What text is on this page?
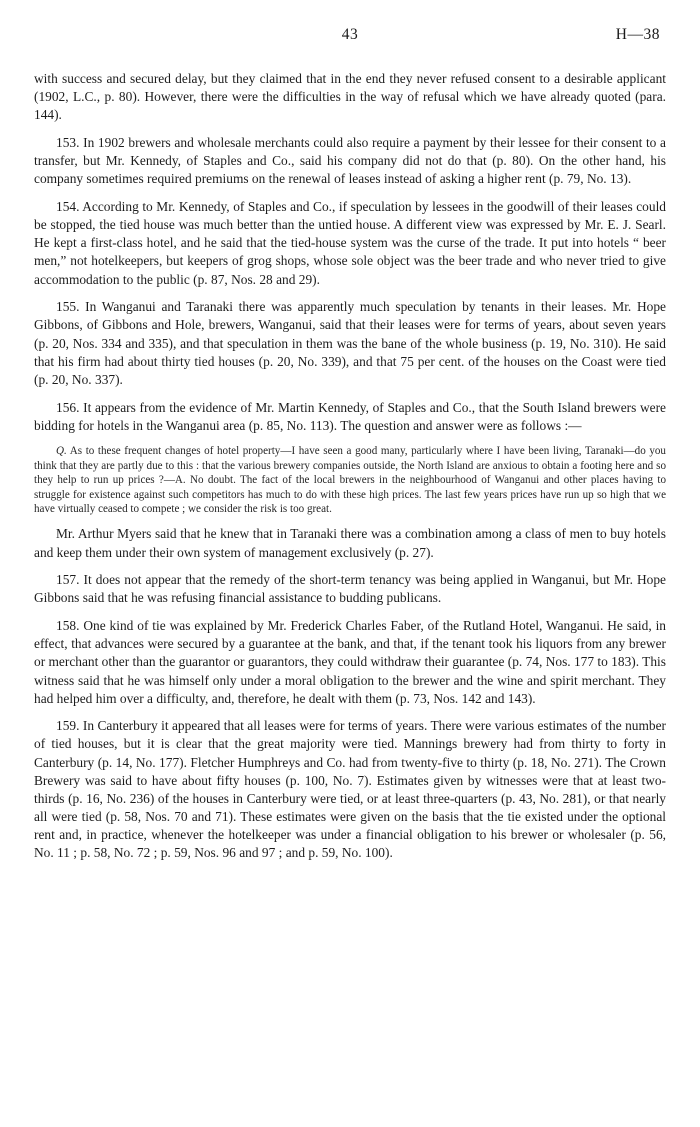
43	H—38

with success and secured delay, but they claimed that in the end they never refused consent to a desirable applicant (1902, L.C., p. 80). However, there were the difficulties in the way of refusal which we have already quoted (para. 144).

153. In 1902 brewers and wholesale merchants could also require a payment by their lessee for their consent to a transfer, but Mr. Kennedy, of Staples and Co., said his company did not do that (p. 80). On the other hand, his company sometimes required premiums on the renewal of leases instead of asking a higher rent (p. 79, No. 13).

154. According to Mr. Kennedy, of Staples and Co., if speculation by lessees in the goodwill of their leases could be stopped, the tied house was much better than the untied house. A different view was expressed by Mr. E. J. Searl. He kept a first-class hotel, and he said that the tied-house system was the curse of the trade. It put into hotels “ beer men,” not hotelkeepers, but keepers of grog shops, whose sole object was the beer trade and who never tried to give accommodation to the public (p. 87, Nos. 28 and 29).

155. In Wanganui and Taranaki there was apparently much speculation by tenants in their leases. Mr. Hope Gibbons, of Gibbons and Hole, brewers, Wanganui, said that their leases were for terms of years, about seven years (p. 20, Nos. 334 and 335), and that speculation in them was the bane of the whole business (p. 19, No. 310). He said that his firm had about thirty tied houses (p. 20, No. 339), and that 75 per cent. of the houses on the Coast were tied (p. 20, No. 337).

156. It appears from the evidence of Mr. Martin Kennedy, of Staples and Co., that the South Island brewers were bidding for hotels in the Wanganui area (p. 85, No. 113). The question and answer were as follows :—

Q. As to these frequent changes of hotel property—I have seen a good many, particularly where I have been living, Taranaki—do you think that they are partly due to this : that the various brewery companies outside, the North Island are anxious to obtain a footing here and so they help to run up prices ?—A. No doubt. The fact of the local brewers in the neighbourhood of Wanganui and other places having to struggle for existence against such competitors has much to do with these high prices. The last few years prices have run up so high that we have virtually ceased to compete ; we consider the risk is too great.

Mr. Arthur Myers said that he knew that in Taranaki there was a combination among a class of men to buy hotels and keep them under their own system of management exclusively (p. 27).

157. It does not appear that the remedy of the short-term tenancy was being applied in Wanganui, but Mr. Hope Gibbons said that he was refusing financial assistance to budding publicans.

158. One kind of tie was explained by Mr. Frederick Charles Faber, of the Rutland Hotel, Wanganui. He said, in effect, that advances were secured by a guarantee at the bank, and that, if the tenant took his liquors from any brewer or merchant other than the guarantor or guarantors, they could withdraw their guarantee (p. 74, Nos. 177 to 183). This witness said that he was himself only under a moral obligation to the brewer and the wine and spirit merchant. They had helped him over a difficulty, and, therefore, he dealt with them (p. 73, Nos. 142 and 143).

159. In Canterbury it appeared that all leases were for terms of years. There were various estimates of the number of tied houses, but it is clear that the great majority were tied. Mannings brewery had from thirty to forty in Canterbury (p. 14, No. 177). Fletcher Humphreys and Co. had from twenty-five to thirty (p. 18, No. 271). The Crown Brewery was said to have about fifty houses (p. 100, No. 7). Estimates given by witnesses were that at least two-thirds (p. 16, No. 236) of the houses in Canterbury were tied, or at least three-quarters (p. 43, No. 281), or that nearly all were tied (p. 58, Nos. 70 and 71). These estimates were given on the basis that the tie existed under the optional rent and, in practice, whenever the hotelkeeper was under a financial obligation to his brewer or wholesaler (p. 56, No. 11 ; p. 58, No. 72 ; p. 59, Nos. 96 and 97 ; and p. 59, No. 100).
